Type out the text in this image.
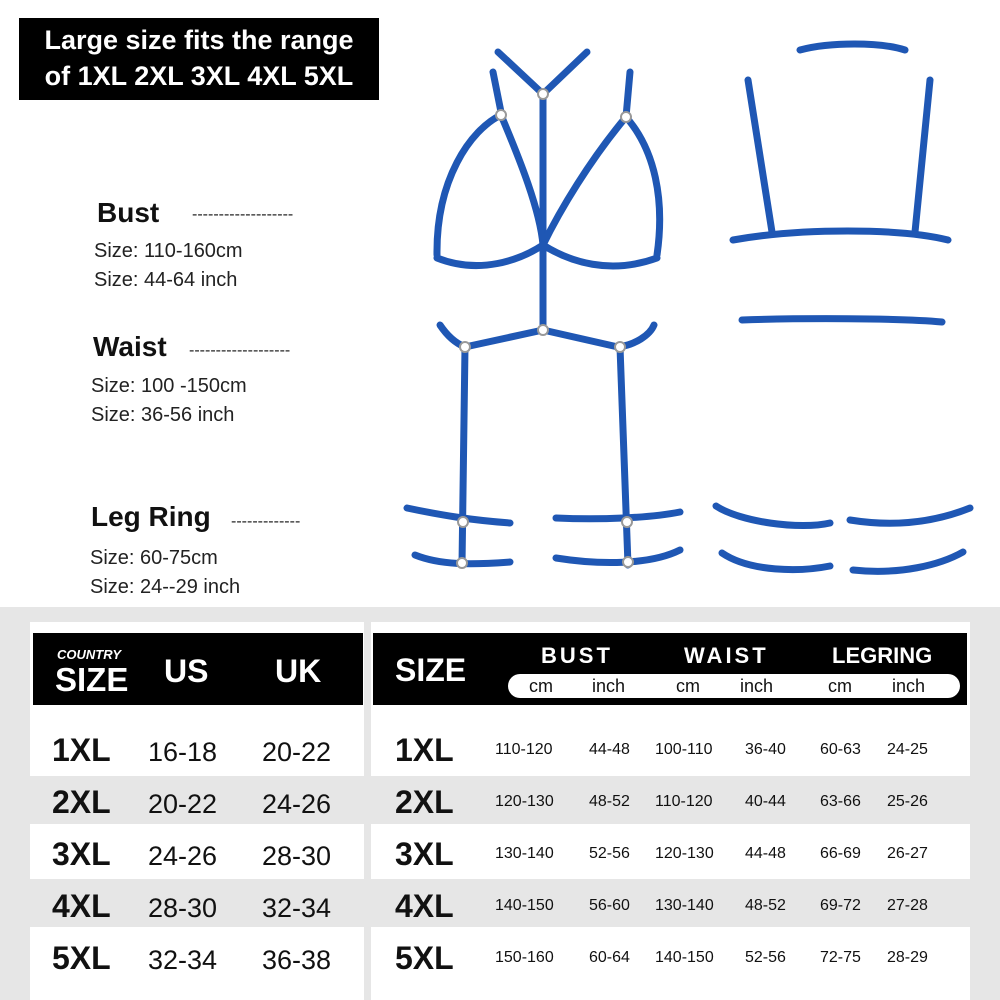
Large size fits the range
of 1XL 2XL 3XL 4XL 5XL
Bust -------------------
Size: 110-160cm
Size: 44-64 inch
Waist -------------------
Size: 100 -150cm
Size: 36-56 inch
Leg Ring -------------
Size: 60-75cm
Size: 24--29 inch
COUNTRY
SIZE US UK SIZE	BUST	WAIST	LEGRING
cm inch	cm inch	cm inch
1XL 16-18 20-22
2XL 20-22 24-26
3XL 24-26 28-30
4XL 28-30 32-34
5XL 32-34 36-38
1XL	110-120 44-48 100-110 36-40 60-63 24-25
2XL	120-130 48-52 110-120 40-44 63-66 25-26
3XL	130-140 52-56 120-130 44-48 66-69 26-27
4XL	140-150 56-60 130-140 48-52 69-72 27-28
5XL	150-160 60-64 140-150 52-56 72-75 28-29
